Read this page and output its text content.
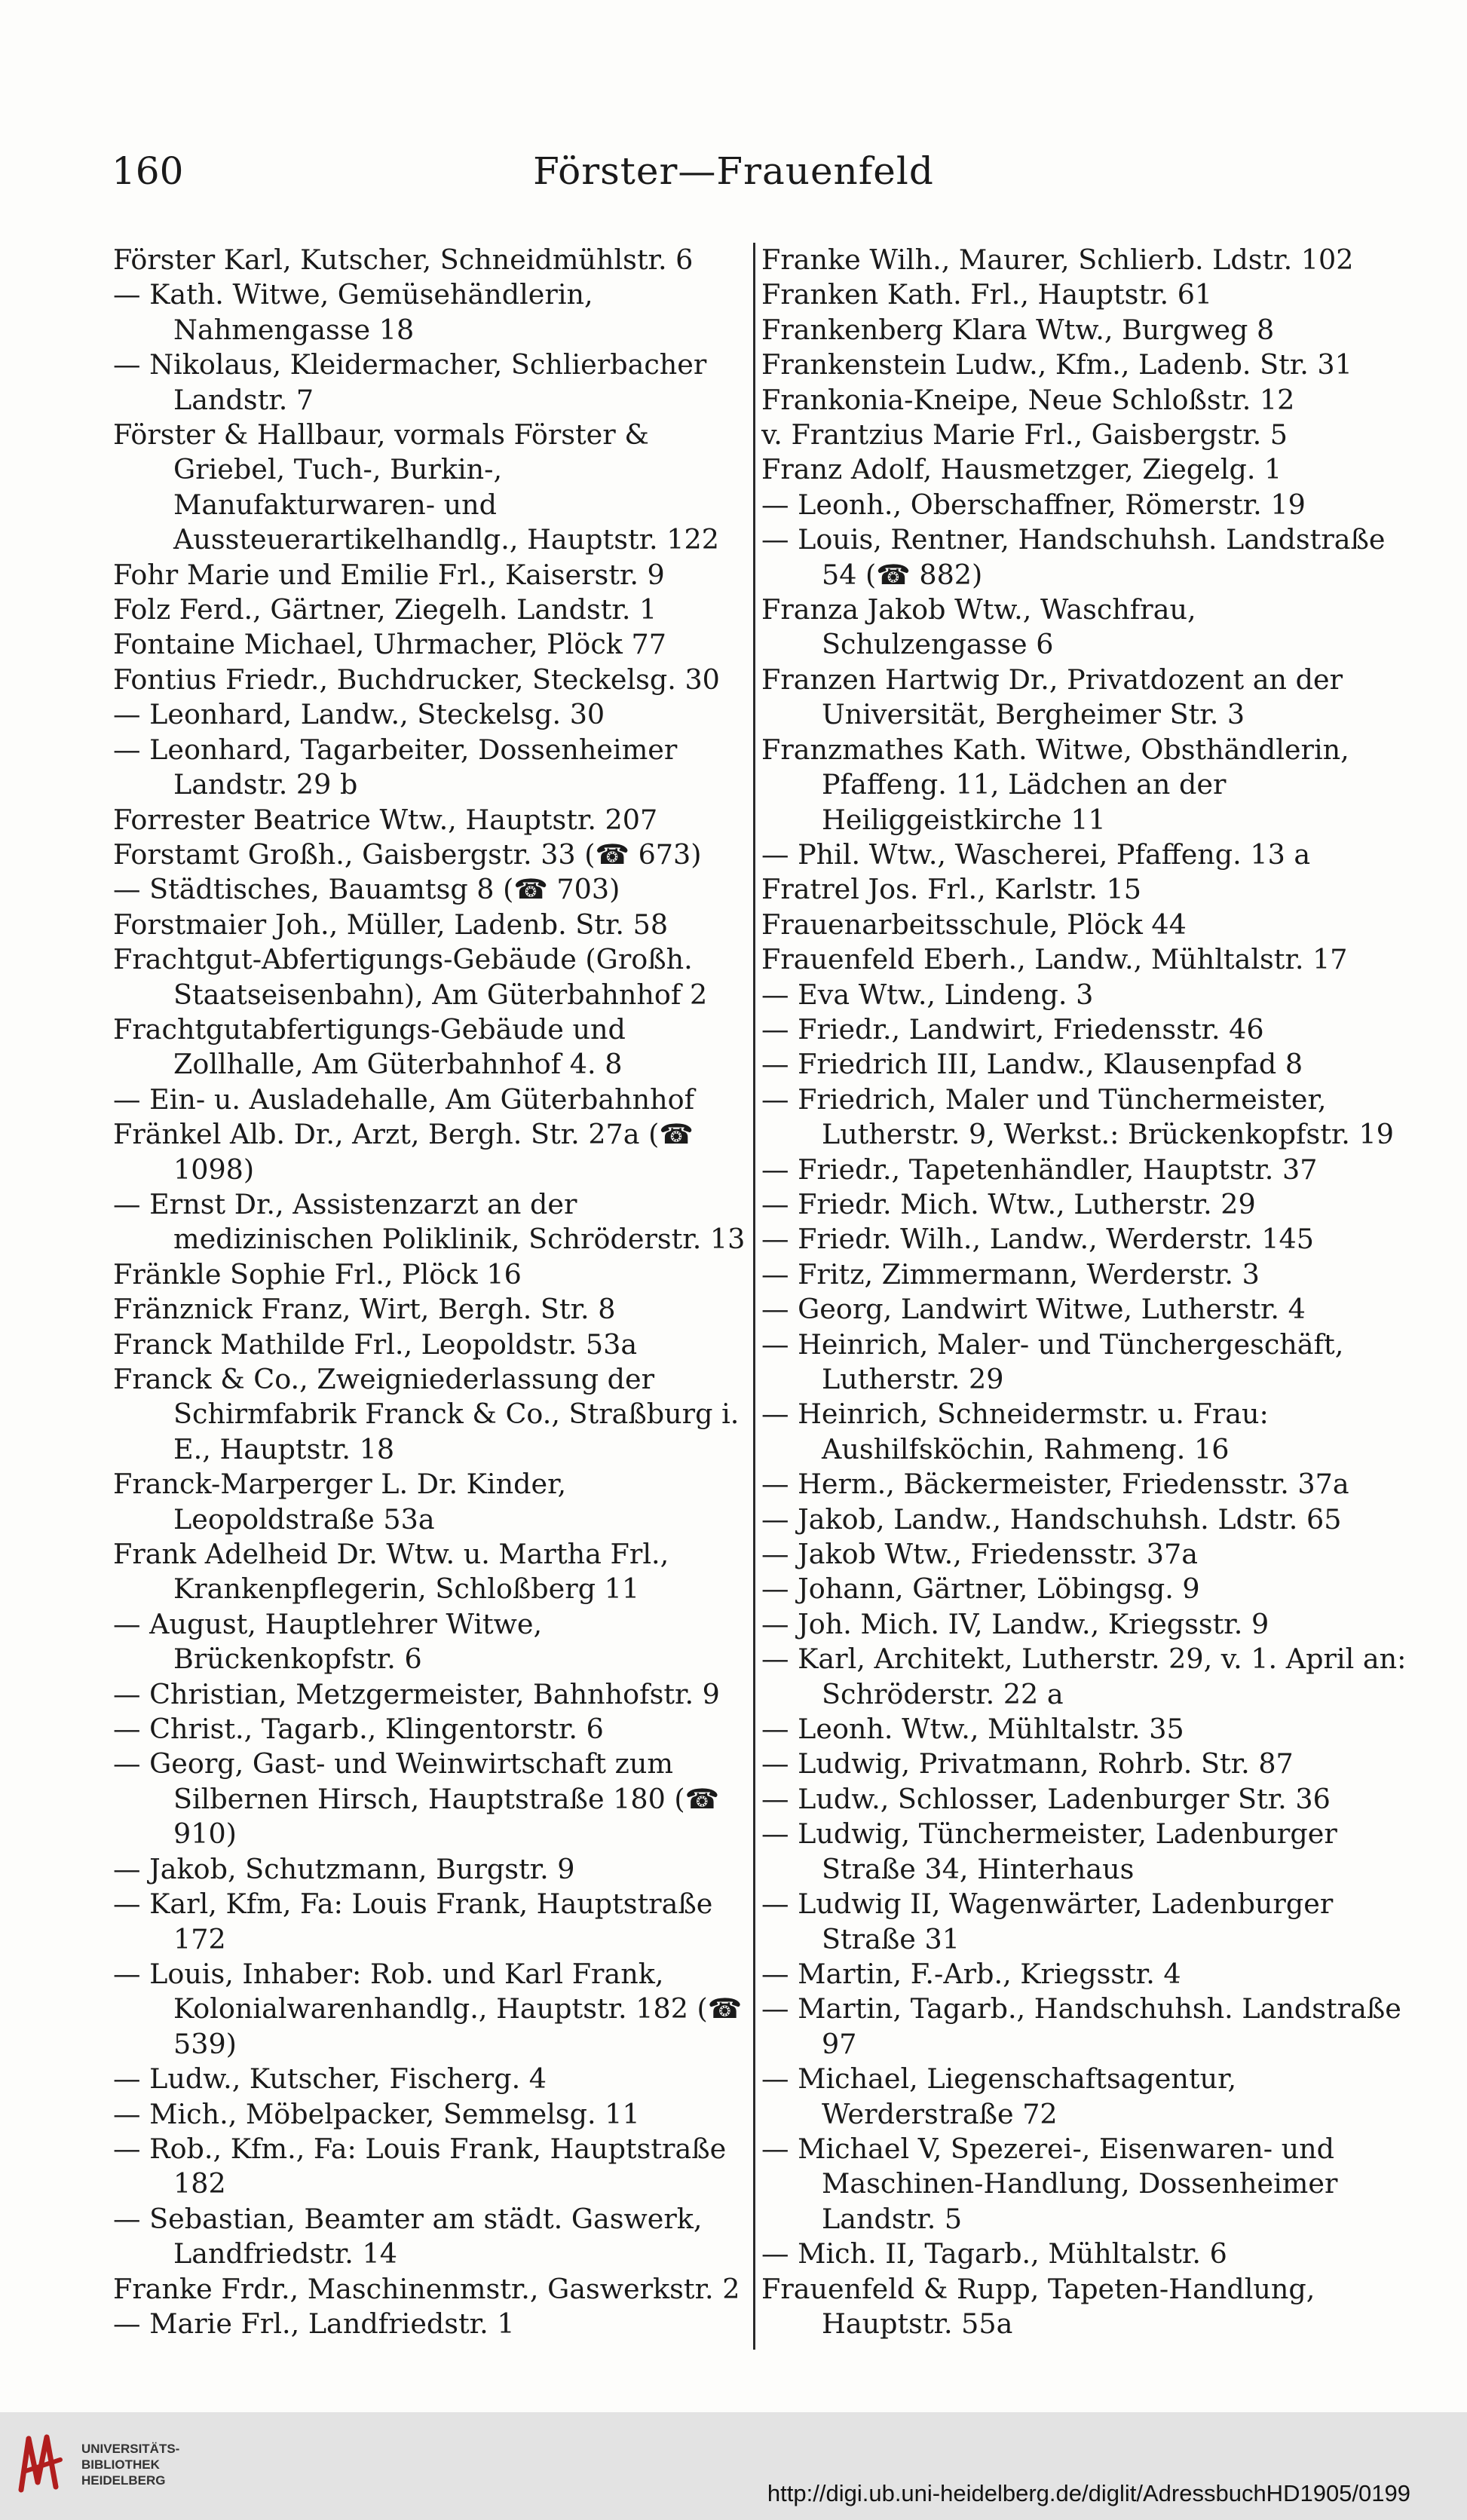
160	Förster—Frauenfeld
Förster Karl, Kutscher, Schneidmühlstr. 6
— Kath. Witwe, Gemüsehändlerin, Nahmengasse 18
— Nikolaus, Kleidermacher, Schlierbacher Landstr. 7
Förster & Hallbaur, vormals Förster & Griebel, Tuch-, Burkin-, Manufakturwaren- und Aussteuerartikelhandlg., Hauptstr. 122
Fohr Marie und Emilie Frl., Kaiserstr. 9
Folz Ferd., Gärtner, Ziegelh. Landstr. 1
Fontaine Michael, Uhrmacher, Plöck 77
Fontius Friedr., Buchdrucker, Steckelsg. 30
— Leonhard, Landw., Steckelsg. 30
— Leonhard, Tagarbeiter, Dossenheimer Landstr. 29 b
Forrester Beatrice Wtw., Hauptstr. 207
Forstamt Großh., Gaisbergstr. 33 (☎ 673)
— Städtisches, Bauamtsg 8 (☎ 703)
Forstmaier Joh., Müller, Ladenb. Str. 58
Frachtgut-Abfertigungs-Gebäude (Großh. Staatseisenbahn), Am Güterbahnhof 2
Frachtgutabfertigungs-Gebäude und Zollhalle, Am Güterbahnhof 4. 8
— Ein- u. Ausladehalle, Am Güterbahnhof
Fränkel Alb. Dr., Arzt, Bergh. Str. 27a (☎ 1098)
— Ernst Dr., Assistenzarzt an der medizinischen Poliklinik, Schröderstr. 13
Fränkle Sophie Frl., Plöck 16
Fränznick Franz, Wirt, Bergh. Str. 8
Franck Mathilde Frl., Leopoldstr. 53a
Franck & Co., Zweigniederlassung der Schirmfabrik Franck & Co., Straßburg i. E., Hauptstr. 18
Franck-Marperger L. Dr. Kinder, Leopoldstraße 53a
Frank Adelheid Dr. Wtw. u. Martha Frl., Krankenpflegerin, Schloßberg 11
— August, Hauptlehrer Witwe, Brückenkopfstr. 6
— Christian, Metzgermeister, Bahnhofstr. 9
— Christ., Tagarb., Klingentorstr. 6
— Georg, Gast- und Weinwirtschaft zum Silbernen Hirsch, Hauptstraße 180 (☎ 910)
— Jakob, Schutzmann, Burgstr. 9
— Karl, Kfm, Fa: Louis Frank, Hauptstraße 172
— Louis, Inhaber: Rob. und Karl Frank, Kolonialwarenhandlg., Hauptstr. 182 (☎ 539)
— Ludw., Kutscher, Fischerg. 4
— Mich., Möbelpacker, Semmelsg. 11
— Rob., Kfm., Fa: Louis Frank, Hauptstraße 182
— Sebastian, Beamter am städt. Gaswerk, Landfriedstr. 14
Franke Frdr., Maschinenmstr., Gaswerkstr. 2
— Marie Frl., Landfriedstr. 1
Franke Wilh., Maurer, Schlierb. Ldstr. 102
Franken Kath. Frl., Hauptstr. 61
Frankenberg Klara Wtw., Burgweg 8
Frankenstein Ludw., Kfm., Ladenb. Str. 31
Frankonia-Kneipe, Neue Schloßstr. 12
v. Frantzius Marie Frl., Gaisbergstr. 5
Franz Adolf, Hausmetzger, Ziegelg. 1
— Leonh., Oberschaffner, Römerstr. 19
— Louis, Rentner, Handschuhsh. Landstraße 54 (☎ 882)
Franza Jakob Wtw., Waschfrau, Schulzengasse 6
Franzen Hartwig Dr., Privatdozent an der Universität, Bergheimer Str. 3
Franzmathes Kath. Witwe, Obsthändlerin, Pfaffeng. 11, Lädchen an der Heiliggeistkirche 11
— Phil. Wtw., Wascherei, Pfaffeng. 13 a
Fratrel Jos. Frl., Karlstr. 15
Frauenarbeitsschule, Plöck 44
Frauenfeld Eberh., Landw., Mühltalstr. 17
— Eva Wtw., Lindeng. 3
— Friedr., Landwirt, Friedensstr. 46
— Friedrich III, Landw., Klausenpfad 8
— Friedrich, Maler und Tünchermeister, Lutherstr. 9, Werkst.: Brückenkopfstr. 19
— Friedr., Tapetenhändler, Hauptstr. 37
— Friedr. Mich. Wtw., Lutherstr. 29
— Friedr. Wilh., Landw., Werderstr. 145
— Fritz, Zimmermann, Werderstr. 3
— Georg, Landwirt Witwe, Lutherstr. 4
— Heinrich, Maler- und Tünchergeschäft, Lutherstr. 29
— Heinrich, Schneidermstr. u. Frau: Aushilfsköchin, Rahmeng. 16
— Herm., Bäckermeister, Friedensstr. 37a
— Jakob, Landw., Handschuhsh. Ldstr. 65
— Jakob Wtw., Friedensstr. 37a
— Johann, Gärtner, Löbingsg. 9
— Joh. Mich. IV, Landw., Kriegsstr. 9
— Karl, Architekt, Lutherstr. 29, v. 1. April an: Schröderstr. 22 a
— Leonh. Wtw., Mühltalstr. 35
— Ludwig, Privatmann, Rohrb. Str. 87
— Ludw., Schlosser, Ladenburger Str. 36
— Ludwig, Tünchermeister, Ladenburger Straße 34, Hinterhaus
— Ludwig II, Wagenwärter, Ladenburger Straße 31
— Martin, F.-Arb., Kriegsstr. 4
— Martin, Tagarb., Handschuhsh. Landstraße 97
— Michael, Liegenschaftsagentur, Werderstraße 72
— Michael V, Spezerei-, Eisenwaren- und Maschinen-Handlung, Dossenheimer Landstr. 5
— Mich. II, Tagarb., Mühltalstr. 6
Frauenfeld & Rupp, Tapeten-Handlung, Hauptstr. 55a
UNIVERSITÄTS-
BIBLIOTHEK
HEIDELBERG	http://digi.ub.uni-heidelberg.de/diglit/AdressbuchHD1905/0199
